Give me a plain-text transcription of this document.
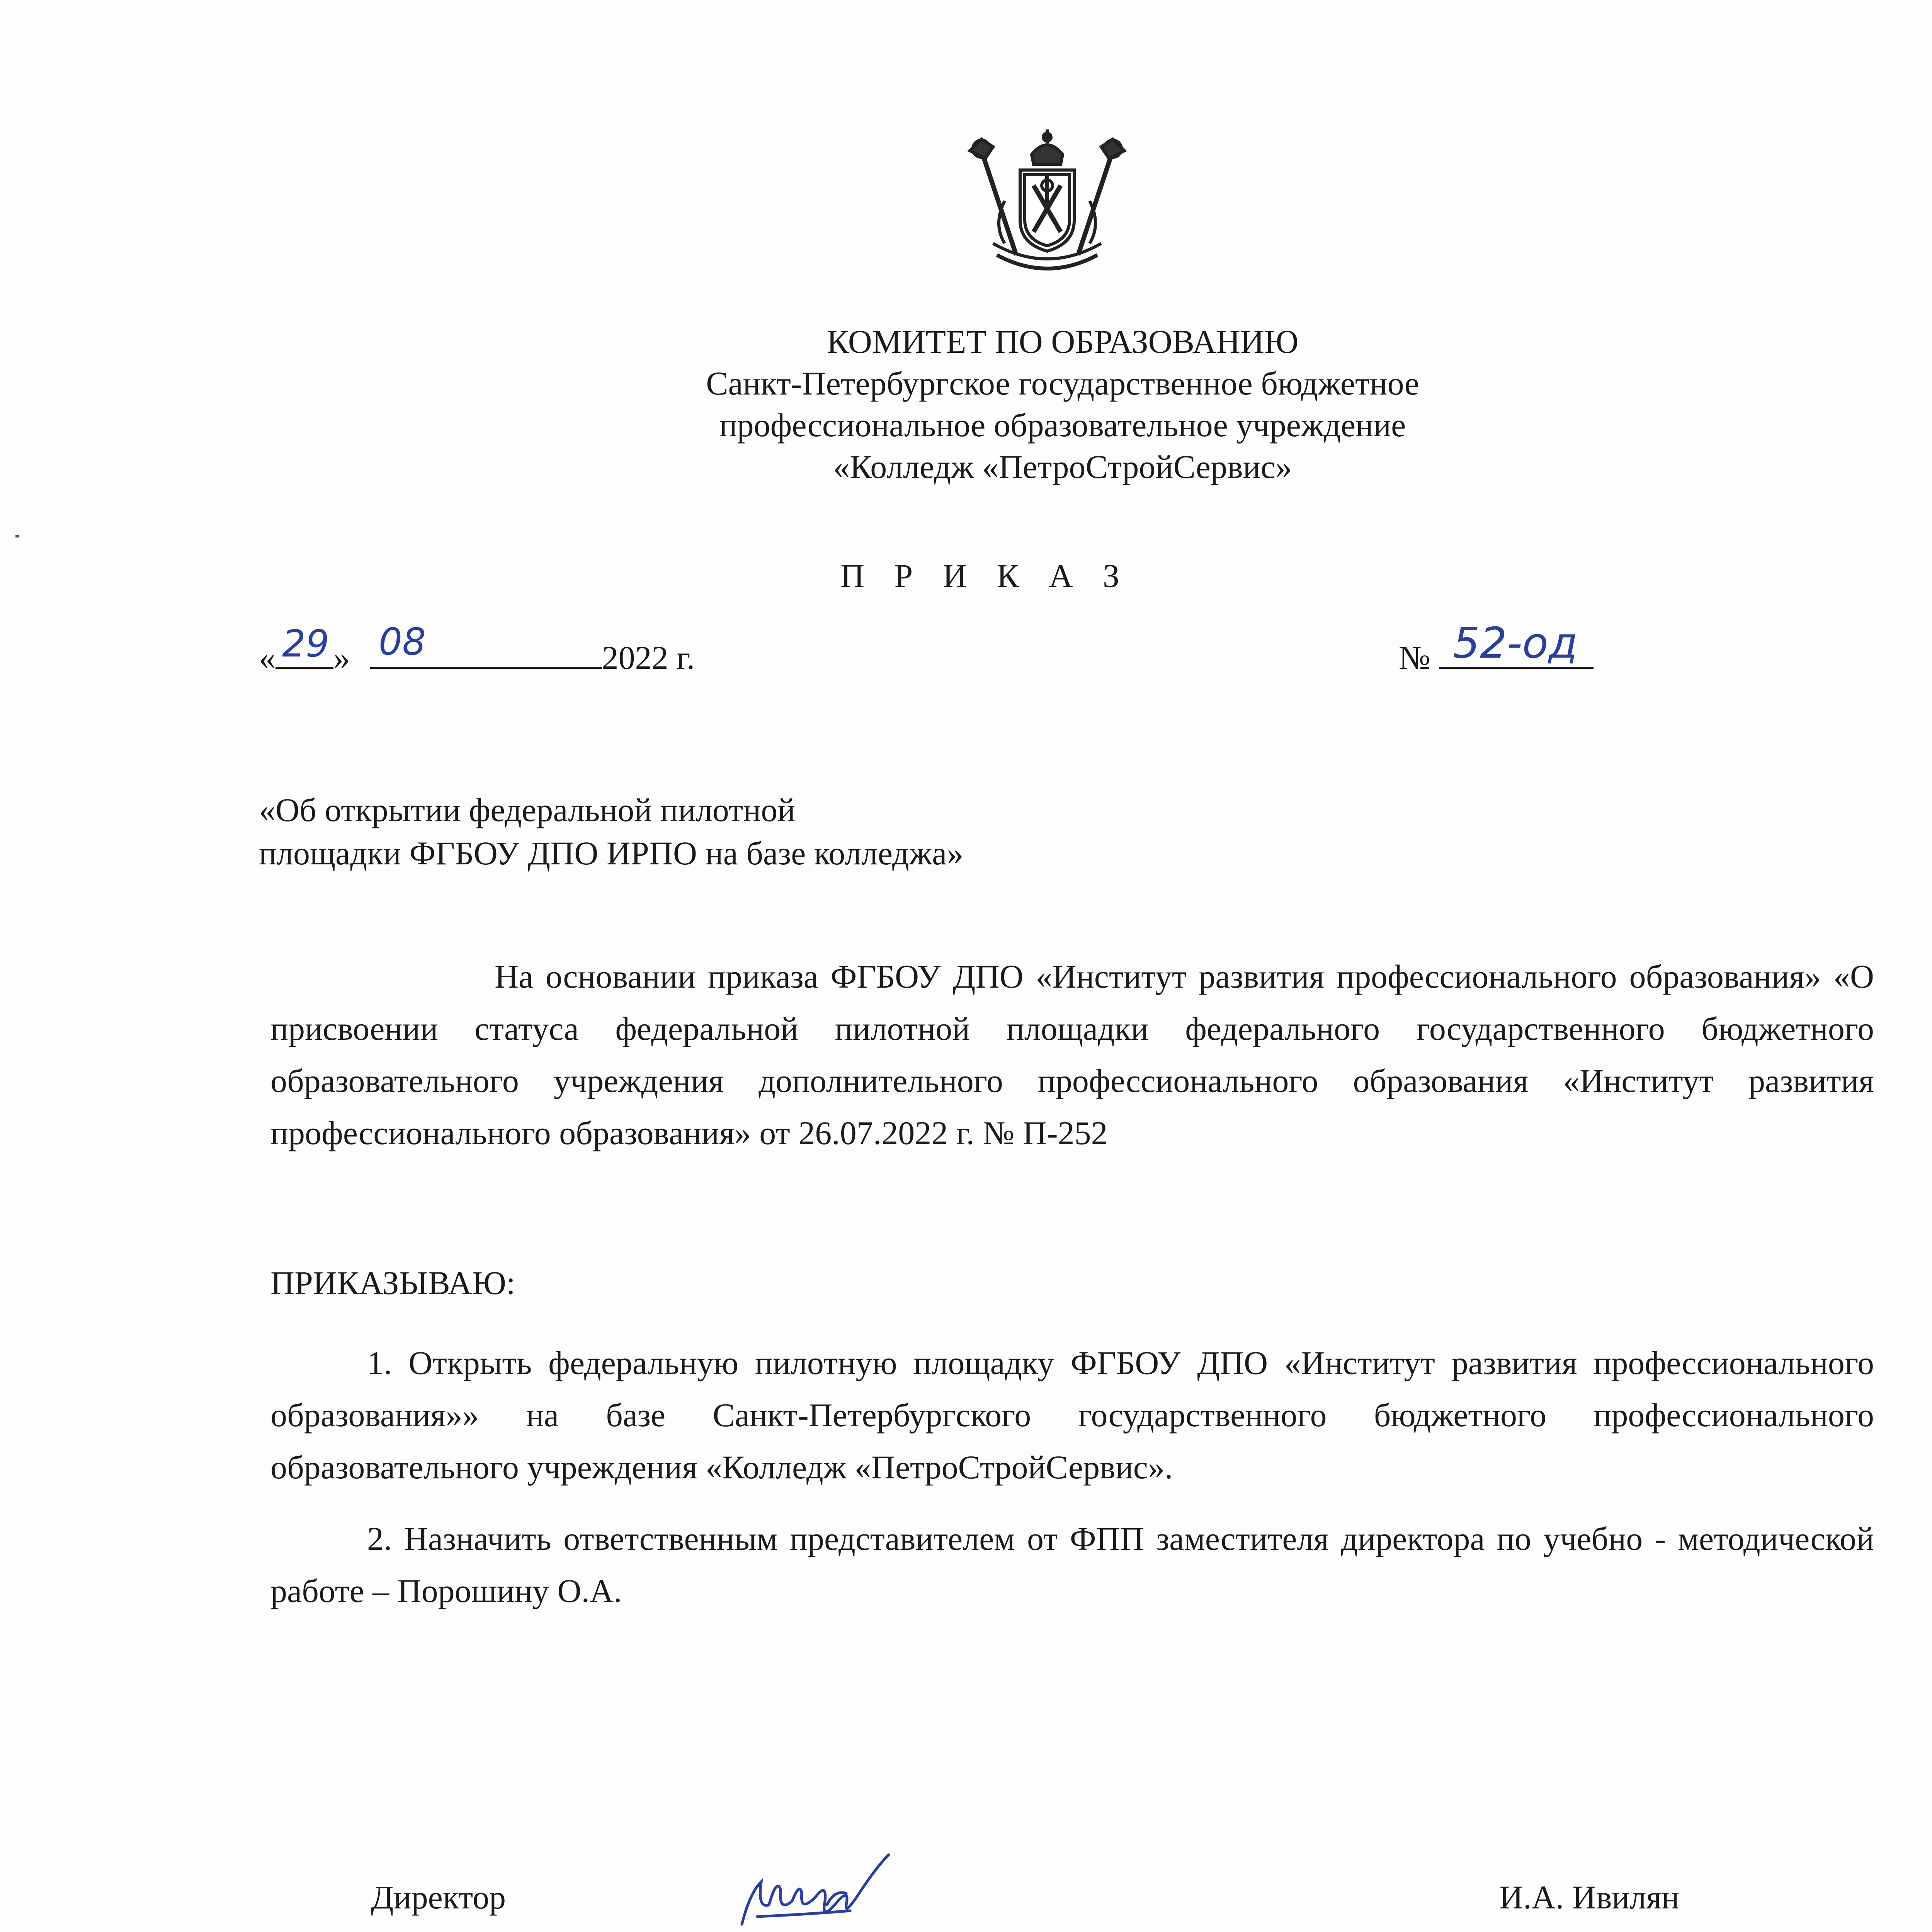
КОМИТЕТ ПО ОБРАЗОВАНИЮ
Санкт-Петербургское государственное бюджетное
профессиональное образовательное учреждение
«Колледж «ПетроСтройСервис»
П Р И К А З
« »	2022 г.
29 08	№ 52-од
«Об открытии федеральной пилотной
площадки ФГБОУ ДПО ИРПО на базе колледжа»
На основании приказа ФГБОУ ДПО «Институт развития профессионального образования» «О присвоении статуса федеральной пилотной площадки федерального государственного бюджетного образовательного учреждения дополнительного профессионального образования «Институт развития профессионального образования» от 26.07.2022 г. № П-252
ПРИКАЗЫВАЮ:
1. Открыть федеральную пилотную площадку ФГБОУ ДПО «Институт развития профессионального образования»» на базе Санкт-Петербургского государственного бюджетного профессионального образовательного учреждения «Колледж «ПетроСтройСервис».
2. Назначить ответственным представителем от ФПП заместителя директора по учебно - методической работе – Порошину О.А.
Директор	И.А. Ивилян
